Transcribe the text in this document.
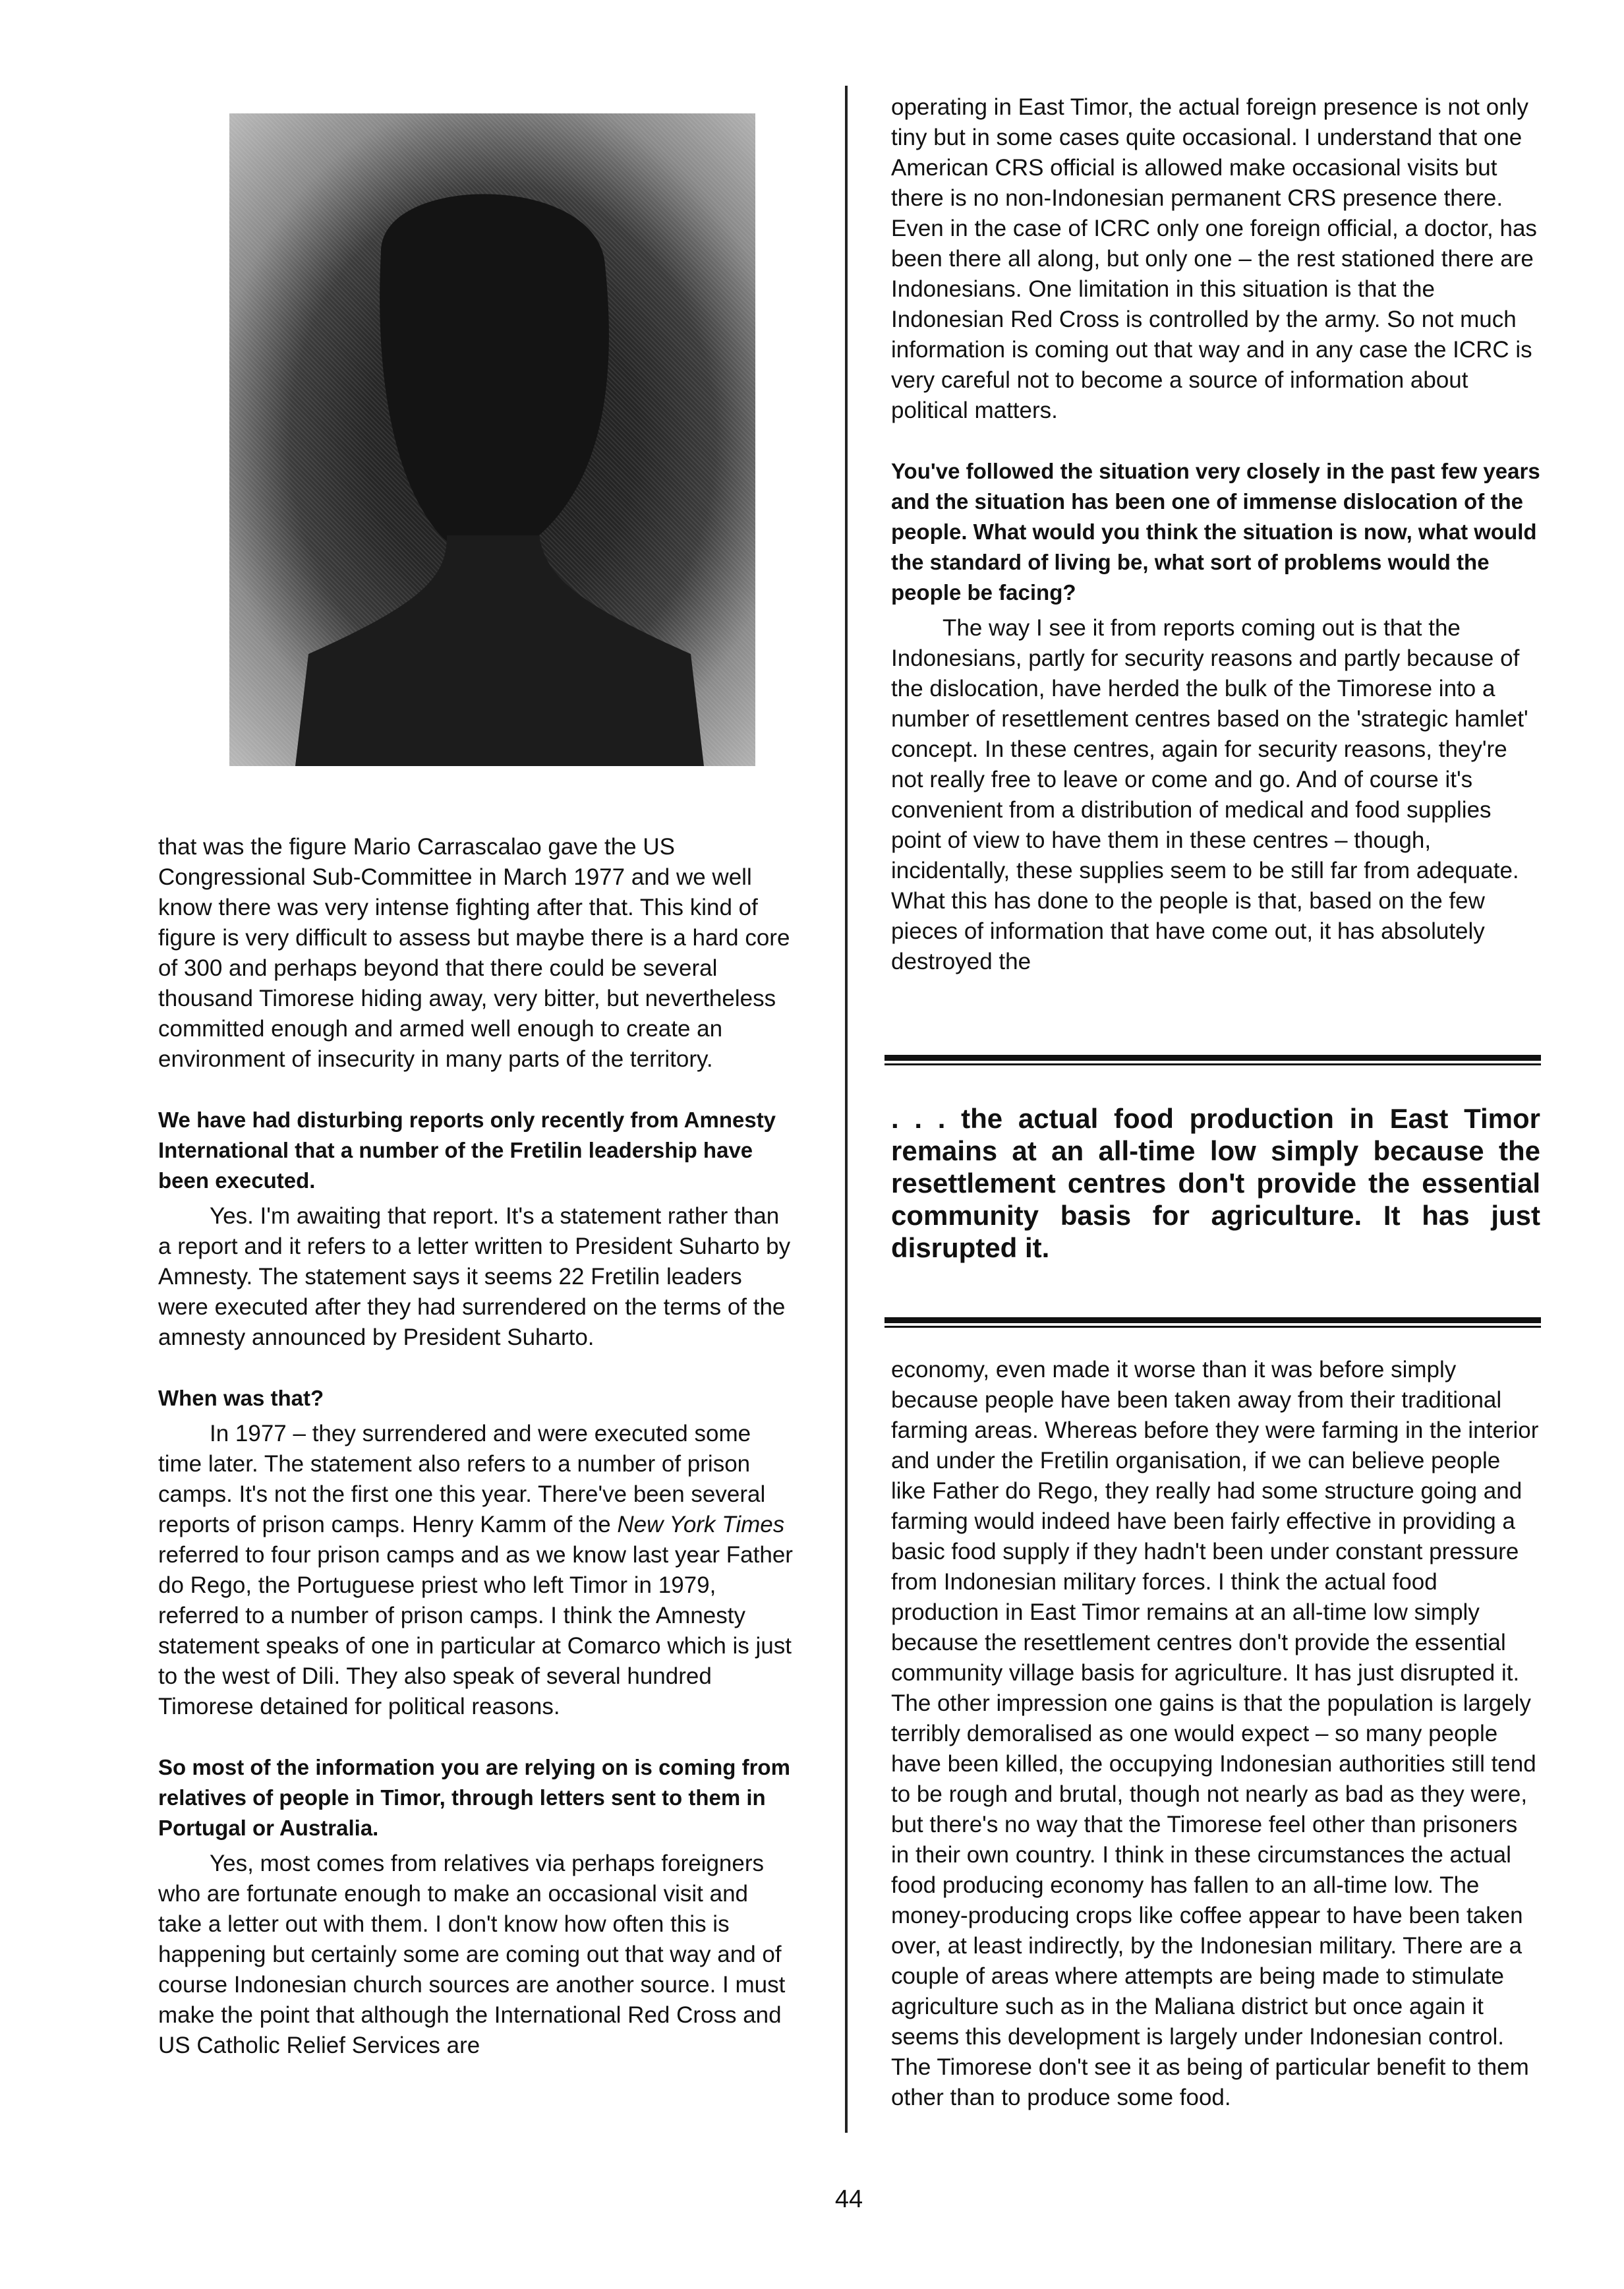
that was the figure Mario Carrascalao gave the US Congressional Sub-Committee in March 1977 and we well know there was very intense fighting after that. This kind of figure is very difficult to assess but maybe there is a hard core of 300 and perhaps beyond that there could be several thousand Timorese hiding away, very bitter, but nevertheless committed enough and armed well enough to create an environment of insecurity in many parts of the territory.

We have had disturbing reports only recently from Amnesty International that a number of the Fretilin leadership have been executed.

Yes. I'm awaiting that report. It's a statement rather than a report and it refers to a letter written to President Suharto by Amnesty. The statement says it seems 22 Fretilin leaders were executed after they had surrendered on the terms of the amnesty announced by President Suharto.

When was that?

In 1977 – they surrendered and were executed some time later. The statement also refers to a number of prison camps. It's not the first one this year. There've been several reports of prison camps. Henry Kamm of the New York Times referred to four prison camps and as we know last year Father do Rego, the Portuguese priest who left Timor in 1979, referred to a number of prison camps. I think the Amnesty statement speaks of one in particular at Comarco which is just to the west of Dili. They also speak of several hundred Timorese detained for political reasons.

So most of the information you are relying on is coming from relatives of people in Timor, through letters sent to them in Portugal or Australia.

Yes, most comes from relatives via perhaps foreigners who are fortunate enough to make an occasional visit and take a letter out with them. I don't know how often this is happening but certainly some are coming out that way and of course Indonesian church sources are another source. I must make the point that although the International Red Cross and US Catholic Relief Services are

operating in East Timor, the actual foreign presence is not only tiny but in some cases quite occasional. I understand that one American CRS official is allowed make occasional visits but there is no non-Indonesian permanent CRS presence there. Even in the case of ICRC only one foreign official, a doctor, has been there all along, but only one – the rest stationed there are Indonesians. One limitation in this situation is that the Indonesian Red Cross is controlled by the army. So not much information is coming out that way and in any case the ICRC is very careful not to become a source of information about political matters.

You've followed the situation very closely in the past few years and the situation has been one of immense dislocation of the people. What would you think the situation is now, what would the standard of living be, what sort of problems would the people be facing?

The way I see it from reports coming out is that the Indonesians, partly for security reasons and partly because of the dislocation, have herded the bulk of the Timorese into a number of resettlement centres based on the 'strategic hamlet' concept. In these centres, again for security reasons, they're not really free to leave or come and go. And of course it's convenient from a distribution of medical and food supplies point of view to have them in these centres – though, incidentally, these supplies seem to be still far from adequate. What this has done to the people is that, based on the few pieces of information that have come out, it has absolutely destroyed the

. . . the actual food production in East Timor remains at an all-time low simply because the resettlement centres don't provide the essential community basis for agriculture. It has just disrupted it.

economy, even made it worse than it was before simply because people have been taken away from their traditional farming areas. Whereas before they were farming in the interior and under the Fretilin organisation, if we can believe people like Father do Rego, they really had some structure going and farming would indeed have been fairly effective in providing a basic food supply if they hadn't been under constant pressure from Indonesian military forces. I think the actual food production in East Timor remains at an all-time low simply because the resettlement centres don't provide the essential community village basis for agriculture. It has just disrupted it. The other impression one gains is that the population is largely terribly demoralised as one would expect – so many people have been killed, the occupying Indonesian authorities still tend to be rough and brutal, though not nearly as bad as they were, but there's no way that the Timorese feel other than prisoners in their own country. I think in these circumstances the actual food producing economy has fallen to an all-time low. The money-producing crops like coffee appear to have been taken over, at least indirectly, by the Indonesian military. There are a couple of areas where attempts are being made to stimulate agriculture such as in the Maliana district but once again it seems this development is largely under Indonesian control. The Timorese don't see it as being of particular benefit to them other than to produce some food.

44
